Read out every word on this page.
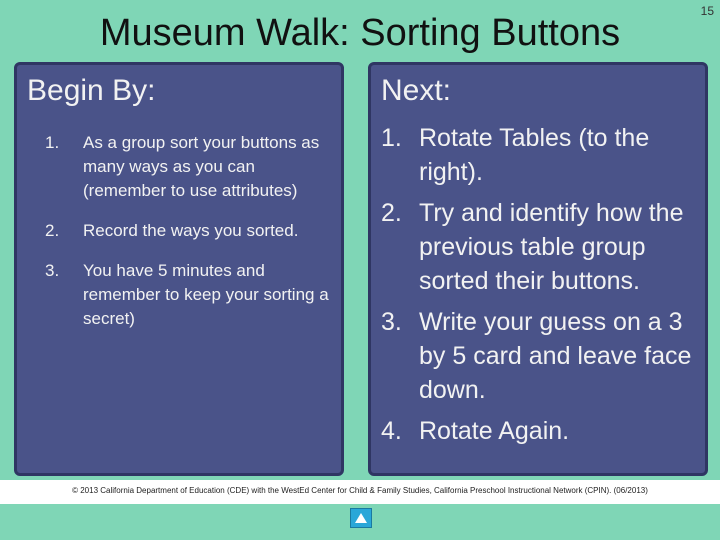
Museum Walk: Sorting Buttons
15
Begin By:
1.	As a group sort your buttons as many ways as you can (remember to use attributes)
2.	Record the ways you sorted.
3.	You have 5 minutes and remember to keep your sorting a secret)
Next:
1. Rotate Tables (to the right).
2. Try and identify how the previous table group sorted their buttons.
3. Write your guess on a 3 by 5 card and leave face down.
4. Rotate Again.
© 2013 California Department of Education (CDE) with the WestEd Center for Child & Family Studies, California Preschool Instructional Network (CPIN). (06/2013)
